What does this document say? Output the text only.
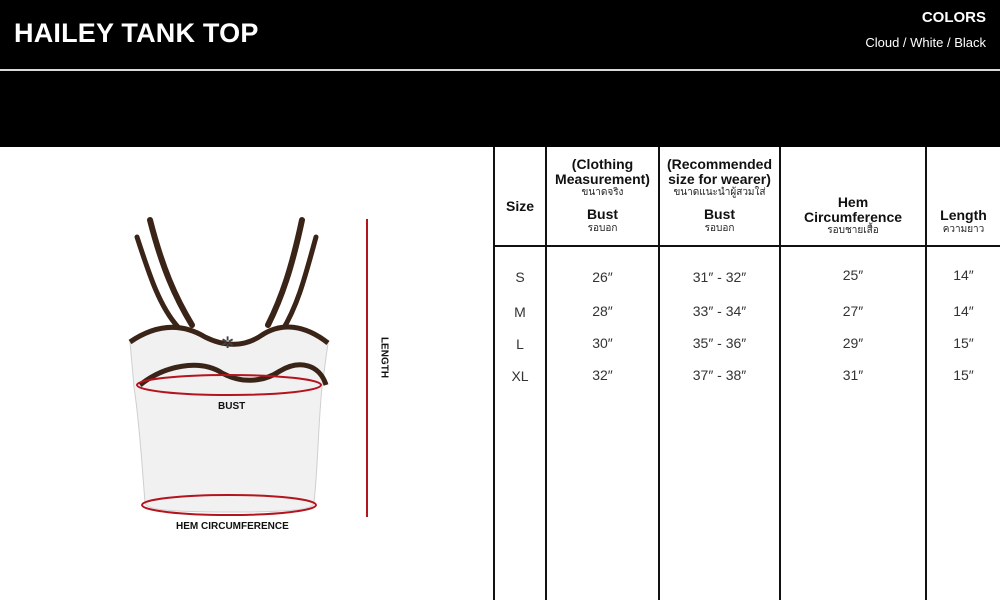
HAILEY TANK TOP
COLORS
Cloud / White / Black
✲
BUST
HEM CIRCUMFERENCE
LENGTH
Size
(Clothing Measurement)
ขนาดจริง
Bust
รอบอก
(Recommended size for wearer)
ขนาดแนะนำผู้สวมใส่
Bust
รอบอก
Hem Circumference
รอบชายเสื้อ
Length
ความยาว
S	26″	31″ - 32″	25″	14″
M	28″	33″ - 34″	27″	14″
L	30″	35″ - 36″	29″	15″
XL	32″	37″ - 38″	31″	15″
